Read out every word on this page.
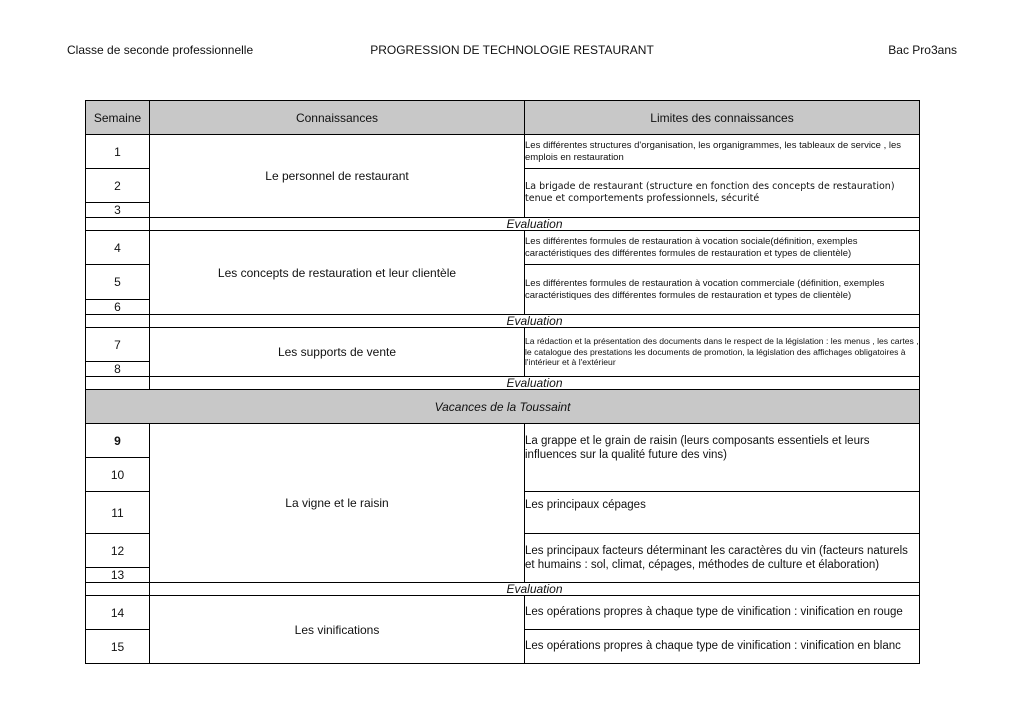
Classe de seconde professionnelle	PROGRESSION DE TECHNOLOGIE RESTAURANT	Bac Pro3ans
Semaine	Connaissances	Limites des connaissances
1	Le personnel de restaurant	Les différentes structures d'organisation, les organigrammes, les tableaux de service , les emplois en restauration
2		La brigade de restaurant (structure en fonction des concepts de restauration) tenue et comportements professionnels, sécurité
3		
	Evaluation	
4	Les concepts de restauration et leur clientèle	Les différentes formules de restauration à vocation sociale(définition, exemples caractéristiques des différentes formules de restauration et types de clientèle)
5		Les différentes formules de restauration à vocation commerciale (définition, exemples caractéristiques des différentes formules de restauration et types de clientèle)
6		
	Evaluation	
7	Les supports de vente	La rédaction et la présentation des documents dans le respect de la législation : les menus , les cartes , le catalogue des prestations les documents de promotion, la législation des affichages obligatoires à l'intérieur et à l'extérieur
8		
	Evaluation	
Vacances de la Toussaint		
9	La vigne et le raisin	La grappe et le grain de raisin (leurs composants essentiels et leurs influences sur la qualité future des vins)
10		
11		Les principaux cépages
12		Les principaux facteurs déterminant les caractères du vin (facteurs naturels et humains : sol, climat, cépages, méthodes de culture et élaboration)
13		
	Evaluation	
14	Les vinifications	Les opérations propres à chaque type de vinification : vinification en rouge
15		Les opérations propres à chaque type de vinification : vinification en blanc
